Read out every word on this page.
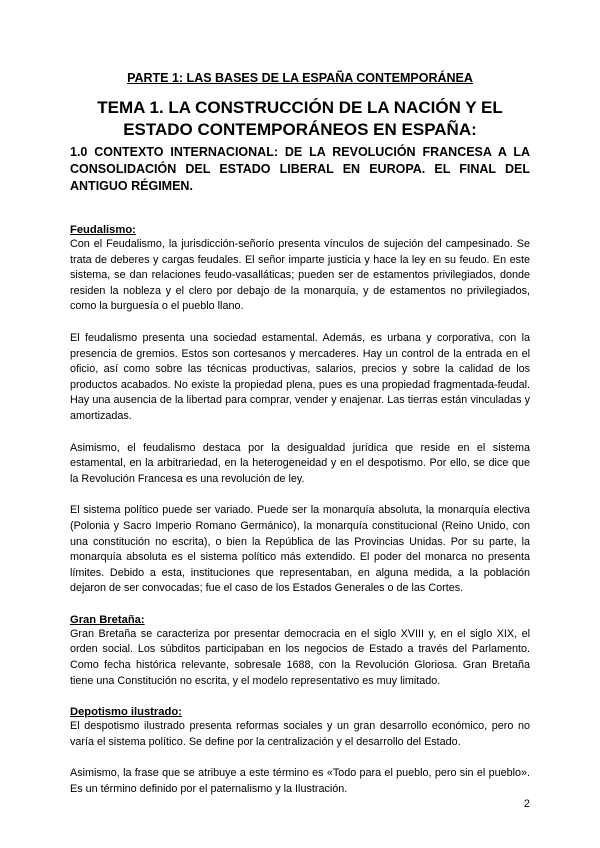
PARTE 1: LAS BASES DE LA ESPAÑA CONTEMPORÁNEA
TEMA 1. LA CONSTRUCCIÓN DE LA NACIÓN Y EL ESTADO CONTEMPORÁNEOS EN ESPAÑA:
1.0 CONTEXTO INTERNACIONAL: DE LA REVOLUCIÓN FRANCESA A LA CONSOLIDACIÓN DEL ESTADO LIBERAL EN EUROPA. EL FINAL DEL
ANTIGUO RÉGIMEN.

Feudalismo:

Con el Feudalismo, la jurisdicción-señorío presenta vínculos de sujeción del campesinado. Se trata de deberes y cargas feudales. El señor imparte justicia y hace la ley en su feudo. En este sistema, se dan relaciones feudo-vasalláticas; pueden ser de estamentos privilegiados, donde residen la nobleza y el clero por debajo de la monarquía, y de estamentos no privilegiados, como la burguesía o el pueblo llano.

El feudalismo presenta una sociedad estamental. Además, es urbana y corporativa, con la presencia de gremios. Estos son cortesanos y mercaderes. Hay un control de la entrada en el oficio, así como sobre las técnicas productivas, salarios, precios y sobre la calidad de los productos acabados. No existe la propiedad plena, pues es una propiedad fragmentada-feudal. Hay una ausencia de la libertad para comprar, vender y enajenar. Las tierras están vinculadas y amortizadas.

Asimismo, el feudalismo destaca por la desigualdad jurídica que reside en el sistema estamental, en la arbitrariedad, en la heterogeneidad y en el despotismo. Por ello, se dice que la Revolución Francesa es una revolución de ley.

El sistema político puede ser variado. Puede ser la monarquía absoluta, la monarquía electiva (Polonia y Sacro Imperio Romano Germánico), la monarquía constitucional (Reino Unido, con una constitución no escrita), o bien la República de las Provincias Unidas. Por su parte, la monarquía absoluta es el sistema político más extendido. El poder del monarca no presenta límites. Debido a esta, instituciones que representaban, en alguna medida, a la población dejaron de ser convocadas; fue el caso de los Estados Generales o de las Cortes.

Gran Bretaña:

Gran Bretaña se caracteriza por presentar democracia en el siglo XVIII y, en el siglo XIX, el orden social. Los súbditos participaban en los negocios de Estado a través del Parlamento. Como fecha histórica relevante, sobresale 1688, con la Revolución Gloriosa. Gran Bretaña tiene una Constitución no escrita, y el modelo representativo es muy limitado.

Depotismo ilustrado:

El despotismo ilustrado presenta reformas sociales y un gran desarrollo económico, pero no varía el sistema político. Se define por la centralización y el desarrollo del Estado.

Asimismo, la frase que se atribuye a este término es «Todo para el pueblo, pero sin el pueblo». Es un término definido por el paternalismo y la Ilustración.

2
